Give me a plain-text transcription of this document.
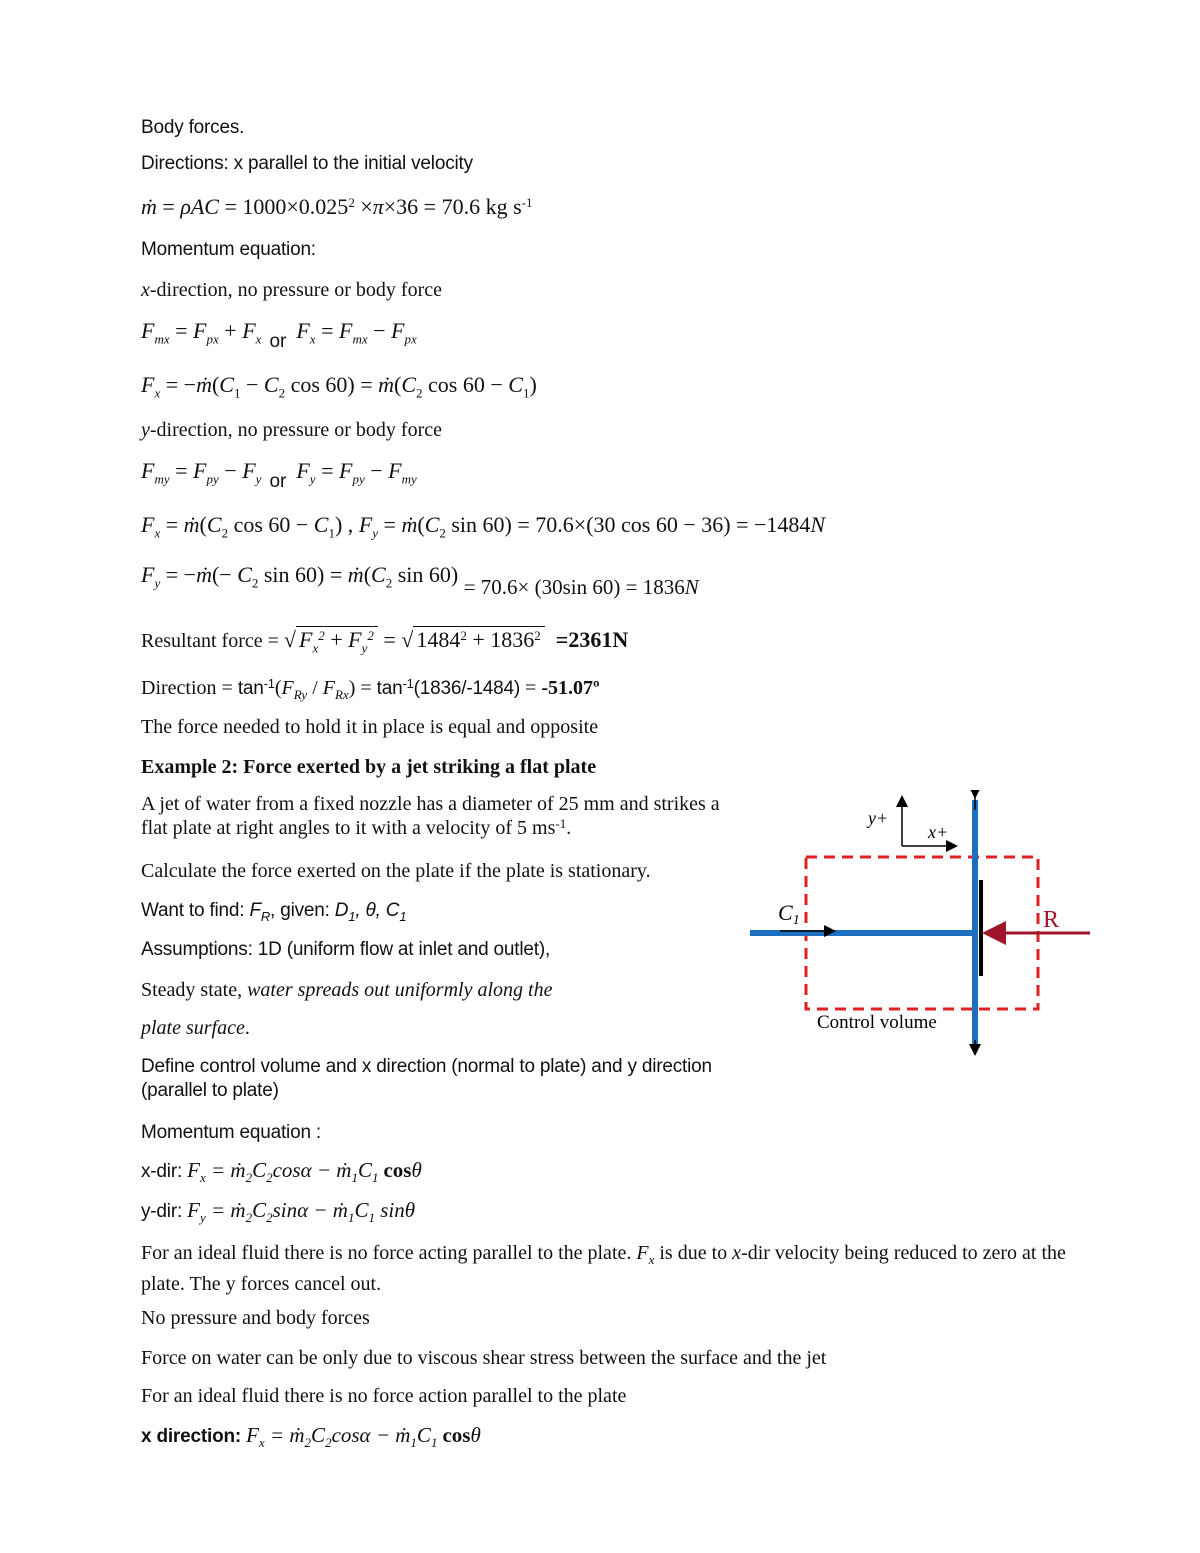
Body forces.
Directions: x parallel to the initial velocity
ṁ = $\rho AC = 1000\times 0.025^2 \times\pi\times 36 = 70.6$ kg $s^{-1}$
Momentum equation:
x-direction, no pressure or body force
$F_{mx} = F_{px} + F_x$ or $F_x = F_{mx} - F_{px}$
$F_x$ = $-ṁ(C_1 - C_2$ $\cos 60) = ṁ(C_2$ $\cos 60 - C_1$)
y-direction, no pressure or body force
$F_{my} = F_{py} - F_y$ or $F_y = F_{py} - F_{my}$
$F_x$ = $ṁ(C_2$ $\cos 60 - C_1$) , $F_y$ = $ṁ(C_2$ sin 60) = 70.6×(30 cos 60 − 36) = −1484N
$F_y$ = −ṁ(− $C_2$ $\sin 60) = ṁ(C_2$ sin 60) = 70.6× (30sin 60) = 1836N
Resultant force = √ $F_x^2 + F_y^2$ = √ $1484^2 + 1836^2 =2361N$
Direction = $\tan^{-1}(F_{Ry} / F_{Rx}) = \tan^{-1}(1836/-1484)$ = -51.07º
The force needed to hold it in place is equal and opposite
Example 2: Force exerted by a jet striking a flat plate
A jet of water from a fixed nozzle has a diameter of 25 mm and strikes a flat plate at right angles to it with a velocity of 5 $ms^{-1}$.
Calculate the force exerted on the plate if the plate is stationary.
Want to find: $F_R$, given: $D_1$, θ, $C_1$
Assumptions: 1D (uniform flow at inlet and outlet),
Steady state, water spreads out uniformly along the
plate surface.
Define control volume and x direction (normal to plate) and y direction (parallel to plate)
Momentum equation :
x-dir: $F_x$ = $ṁ_2C_2\cos\alpha$ − $ṁ_1C_1$ cosθ
y-dir: $F_y$ = $ṁ_2C_2\sin\alpha$ − $ṁ_1C_1$ sinθ
For an ideal fluid there is no force acting parallel to the plate. $F_x$ is due to x-dir velocity being reduced to zero at the plate. The y forces cancel out.
No pressure and body forces
Force on water can be only due to viscous shear stress between the surface and the jet
For an ideal fluid there is no force action parallel to the plate
x direction: $F_x$ = $ṁ_2C_2\cos\alpha$ − $ṁ_1C_1$ cosθ
y+
x+
C1	R
Control volume
